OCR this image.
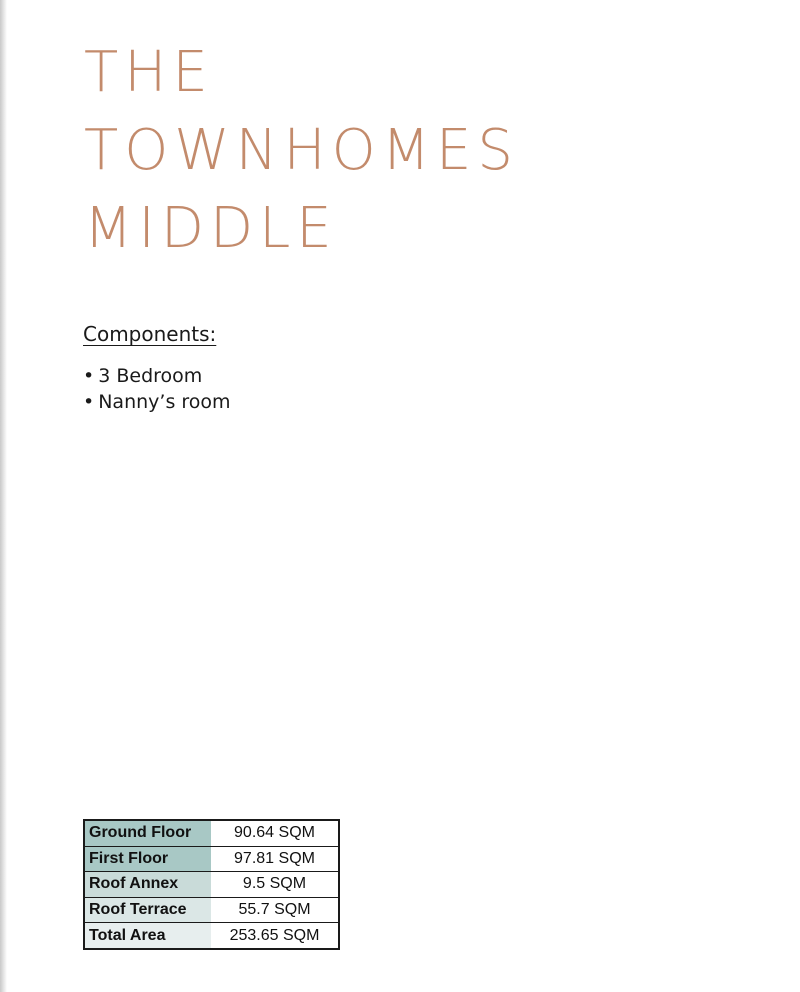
THE
TOWNHOMES
MIDDLE
Components:
• 3 Bedroom
• Nanny’s room
Ground Floor	90.64 SQM
First Floor	97.81 SQM
Roof Annex	9.5 SQM
Roof Terrace	55.7 SQM
Total Area	253.65 SQM
